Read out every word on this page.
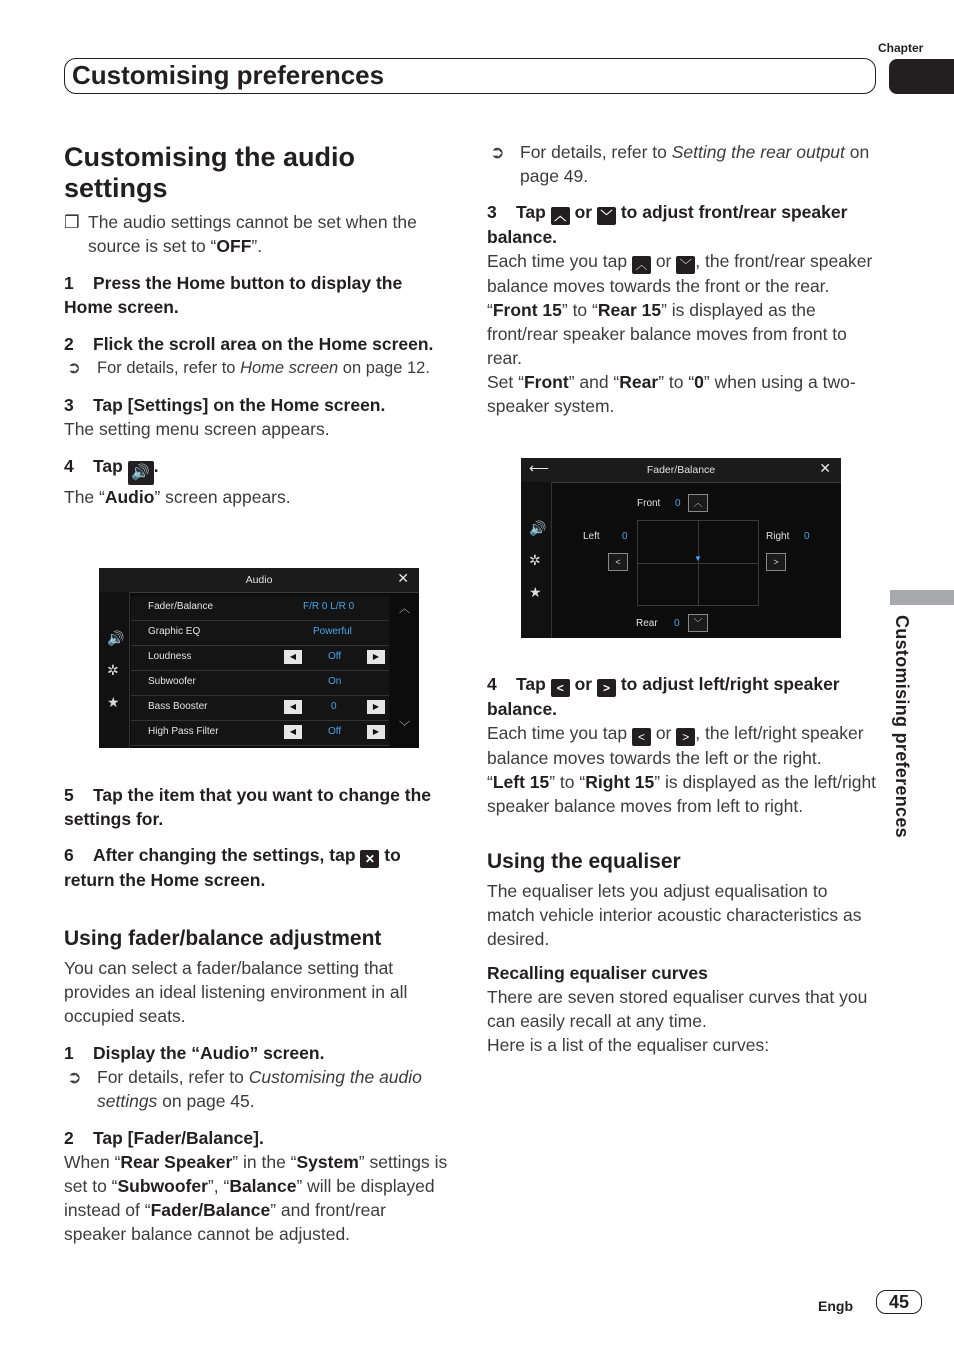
Chapter
Customising preferences
Customising preferences
Customising the audio settings
❒ The audio settings cannot be set when the source is set to “OFF”.

1 Press the Home button to display the Home screen.

2 Flick the scroll area on the Home screen.

➲ For details, refer to Home screen on page 12.

3 Tap [Settings] on the Home screen.

The setting menu screen appears.

4 Tap 🔊 .

The “Audio” screen appears.

Audio	✕
🔊
✲
★
Fader/Balance	F/R 0 L/R 0
Graphic EQ	Powerful
Loudness	◀	Off	▶
Subwoofer	On
Bass Booster	◀	0	▶
High Pass Filter	◀	Off	▶
︿
﹀

5 Tap the item that you want to change the settings for.

6 After changing the settings, tap ✕ to return the Home screen.

Using fader/balance adjustment

You can select a fader/balance setting that provides an ideal listening environment in all occupied seats.

1 Display the “Audio” screen.

➲ For details, refer to Customising the audio settings on page 45.

2 Tap [Fader/Balance].

When “Rear Speaker” in the “System” settings is set to “Subwoofer”, “Balance” will be displayed instead of “Fader/Balance” and front/rear speaker balance cannot be adjusted.

➲ For details, refer to Setting the rear output on page 49.

3 Tap ︿ or ﹀ to adjust front/rear speaker balance.

Each time you tap ︿ or ﹀ , the front/rear speaker balance moves towards the front or the rear.

“Front 15” to “Rear 15” is displayed as the front/rear speaker balance moves from front to rear.

Set “Front” and “Rear” to “0” when using a two-speaker system.

Fader/Balance
⟵	✕
🔊
✲
★
Front 0	︿
Left 0
<
Right 0
>
▼
Rear 0	﹀

4 Tap < or > to adjust left/right speaker balance.

Each time you tap < or > , the left/right speaker balance moves towards the left or the right.

“Left 15” to “Right 15” is displayed as the left/right speaker balance moves from left to right.

Using the equaliser

The equaliser lets you adjust equalisation to match vehicle interior acoustic characteristics as desired.

Recalling equaliser curves

There are seven stored equaliser curves that you can easily recall at any time.

Here is a list of the equaliser curves:

Engb	45
